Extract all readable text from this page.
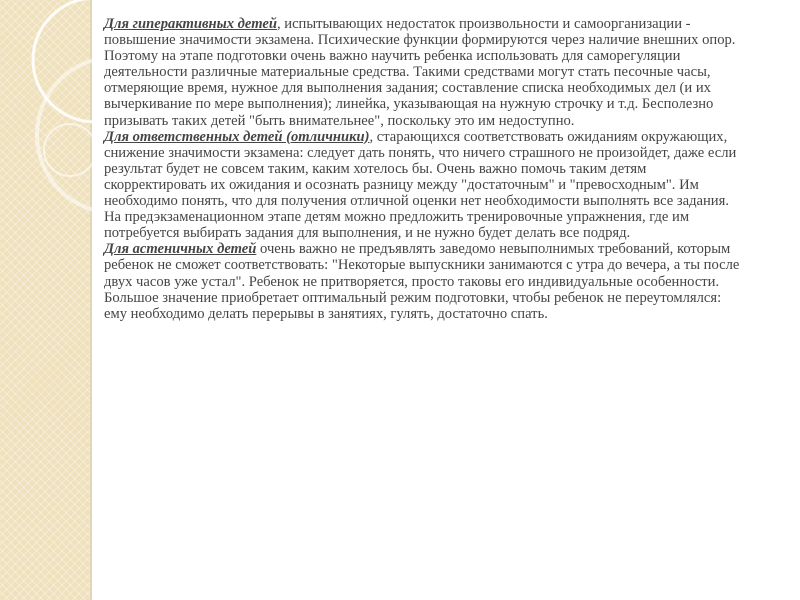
Для гиперактивных детей, испытывающих недостаток произвольности и самоорганизации - повышение значимости экзамена. Психические функции формируются через наличие внешних опор. Поэтому на этапе подготовки очень важно научить ребенка использовать для саморегуляции деятельности различные материальные средства. Такими средствами могут стать песочные часы, отмеряющие время, нужное для выполнения задания; составление списка необходимых дел (и их вычеркивание по мере выполнения); линейка, указывающая на нужную строчку и т.д. Бесполезно призывать таких детей "быть внимательнее", поскольку это им недоступно.

Для ответственных детей (отличники), старающихся соответствовать ожиданиям окружающих, снижение значимости экзамена: следует дать понять, что ничего страшного не произойдет, даже если результат будет не совсем таким, каким хотелось бы. Очень важно помочь таким детям скорректировать их ожидания и осознать разницу между "достаточным" и "превосходным". Им необходимо понять, что для получения отличной оценки нет необходимости выполнять все задания. На предэкзаменационном этапе детям можно предложить тренировочные упражнения, где им потребуется выбирать задания для выполнения, и не нужно будет делать все подряд.

Для астеничных детей очень важно не предъявлять заведомо невыполнимых требований, которым ребенок не сможет соответствовать: "Некоторые выпускники занимаются с утра до вечера, а ты после двух часов уже устал". Ребенок не притворяется, просто таковы его индивидуальные особенности. Большое значение приобретает оптимальный режим подготовки, чтобы ребенок не переутомлялся: ему необходимо делать перерывы в занятиях, гулять, достаточно спать.
